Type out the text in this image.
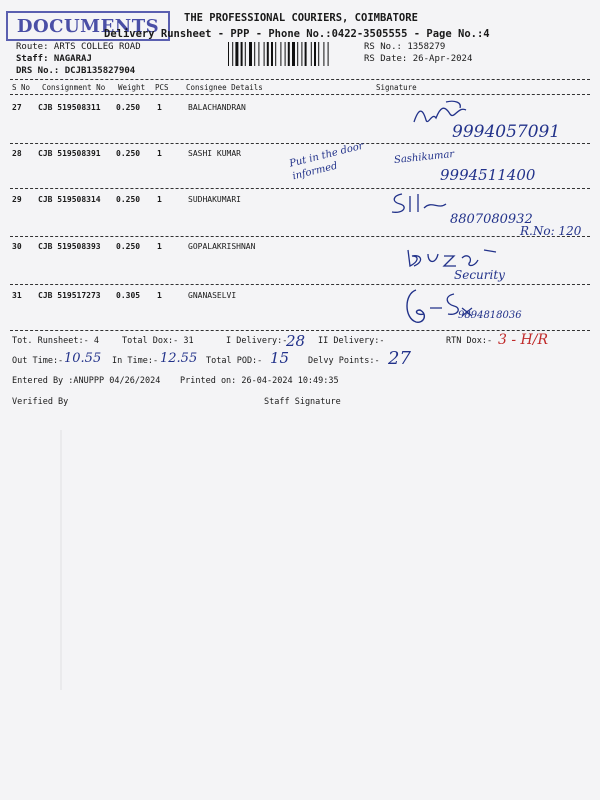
DOCUMENTS	THE PROFESSIONAL COURIERS, COIMBATORE
Delivery Runsheet - PPP - Phone No.:0422-3505555 - Page No.:4
Route: ARTS COLLEG ROAD
Staff: NAGARAJ
DRS No.: DCJB135827904
RS No.: 1358279
RS Date: 26-Apr-2024
S No Consignment No Weight PCS Consignee Details	Signature
27 CJB 519508311 0.250 1	BALACHANDRAN
9994057091
28 CJB 519508391 0.250 1	SASHI KUMAR	Put in the door informed
Sashikumar
9994511400
29 CJB 519508314 0.250 1	SUDHAKUMARI
8807080932
R.No: 120
30 CJB 519508393 0.250 1	GOPALAKRISHNAN
Security
31 CJB 519517273 0.305 1	GNANASELVI
9894818036
Tot. Runsheet:- 4	Total Dox:- 31	I Delivery:-
28 II Delivery:-	RTN Dox:- 3 - H/R
Out Time:- 10.55 In Time:- 12.55 Total POD:- 15 Delvy Points:- 27
Entered By :ANUPPP 04/26/2024 Printed on: 26-04-2024 10:49:35
Verified By	Staff Signature
